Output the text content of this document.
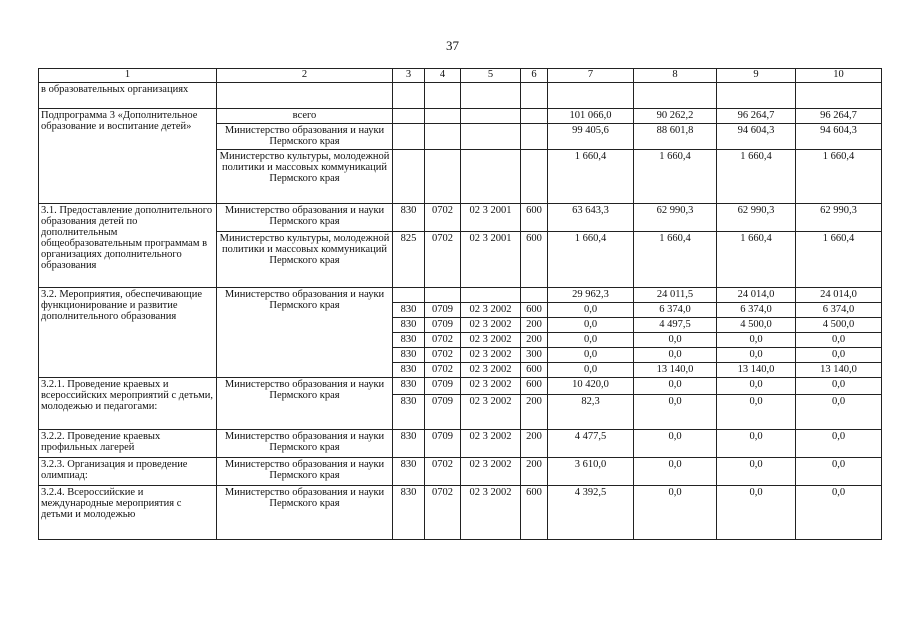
37
1	2	3	4	5	6	7	8	9	10
в образовательных организациях									
Подпрограмма 3 «Дополнительное образование и воспитание детей»	всего					101 066,0	90 262,2	96 264,7	96 264,7
	Министерство образования и науки Пермского края					99 405,6	88 601,8	94 604,3	94 604,3
	Министерство культуры, молодежной политики и массовых коммуникаций Пермского края					1 660,4	1 660,4	1 660,4	1 660,4
3.1. Предоставление дополнительного образования детей по дополнительным общеобразовательным программам в организациях дополнительного образования	Министерство образования и науки Пермского края	830	0702	02 3 2001	600	63 643,3	62 990,3	62 990,3	62 990,3
	Министерство культуры, молодежной политики и массовых коммуникаций Пермского края	825	0702	02 3 2001	600	1 660,4	1 660,4	1 660,4	1 660,4
3.2. Мероприятия, обеспечивающие функционирование и развитие дополнительного образования	Министерство образования и науки Пермского края					29 962,3	24 011,5	24 014,0	24 014,0
		830	0709	02 3 2002	600	0,0	6 374,0	6 374,0	6 374,0
		830	0709	02 3 2002	200	0,0	4 497,5	4 500,0	4 500,0
		830	0702	02 3 2002	200	0,0	0,0	0,0	0,0
		830	0702	02 3 2002	300	0,0	0,0	0,0	0,0
		830	0702	02 3 2002	600	0,0	13 140,0	13 140,0	13 140,0
3.2.1. Проведение краевых и всероссийских мероприятий с детьми, молодежью и педагогами:	Министерство образования и науки Пермского края	830	0709	02 3 2002	600	10 420,0	0,0	0,0	0,0
		830	0709	02 3 2002	200	82,3	0,0	0,0	0,0
3.2.2. Проведение краевых профильных лагерей	Министерство образования и науки Пермского края	830	0709	02 3 2002	200	4 477,5	0,0	0,0	0,0
3.2.3. Организация и проведение олимпиад:	Министерство образования и науки Пермского края	830	0702	02 3 2002	200	3 610,0	0,0	0,0	0,0
3.2.4. Всероссийские и международные мероприятия с детьми и молодежью	Министерство образования и науки Пермского края	830	0702	02 3 2002	600	4 392,5	0,0	0,0	0,0
